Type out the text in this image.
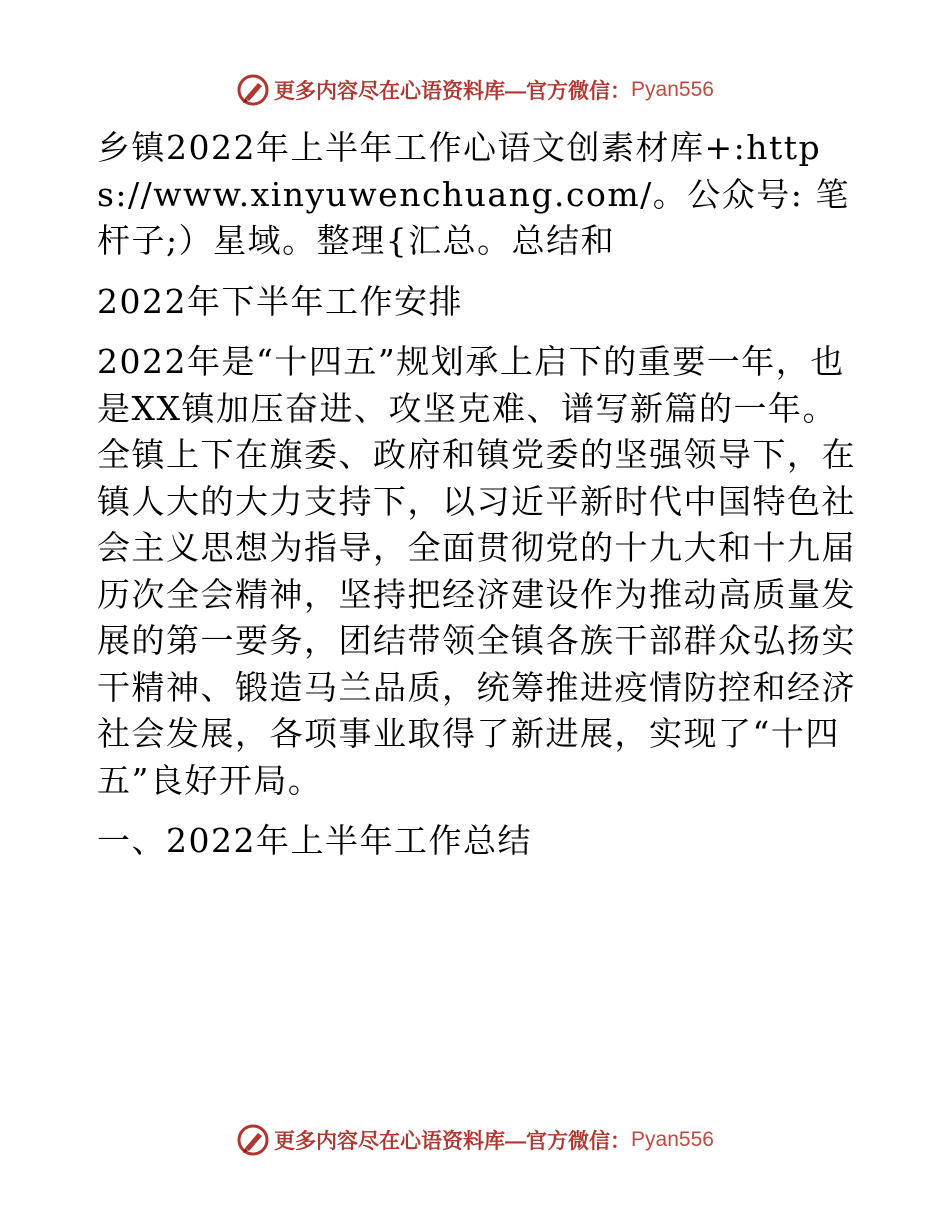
更多内容尽在心语资料库—官方微信： Pyan556

乡镇2022年上半年工作心语文创素材库+:https://www.xinyuwenchuang.com/。公众号: 笔杆子;）星域。整理{汇总。总结和

2022年下半年工作安排

2022年是“十四五”规划承上启下的重要一年，也是XX镇加压奋进、攻坚克难、谱写新篇的一年。全镇上下在旗委、政府和镇党委的坚强领导下，在镇人大的大力支持下，以习近平新时代中国特色社会主义思想为指导，全面贯彻党的十九大和十九届历次全会精神，坚持把经济建设作为推动高质量发展的第一要务，团结带领全镇各族干部群众弘扬实干精神、锻造马兰品质，统筹推进疫情防控和经济社会发展，各项事业取得了新进展，实现了“十四五”良好开局。

一、2022年上半年工作总结

更多内容尽在心语资料库—官方微信： Pyan556
